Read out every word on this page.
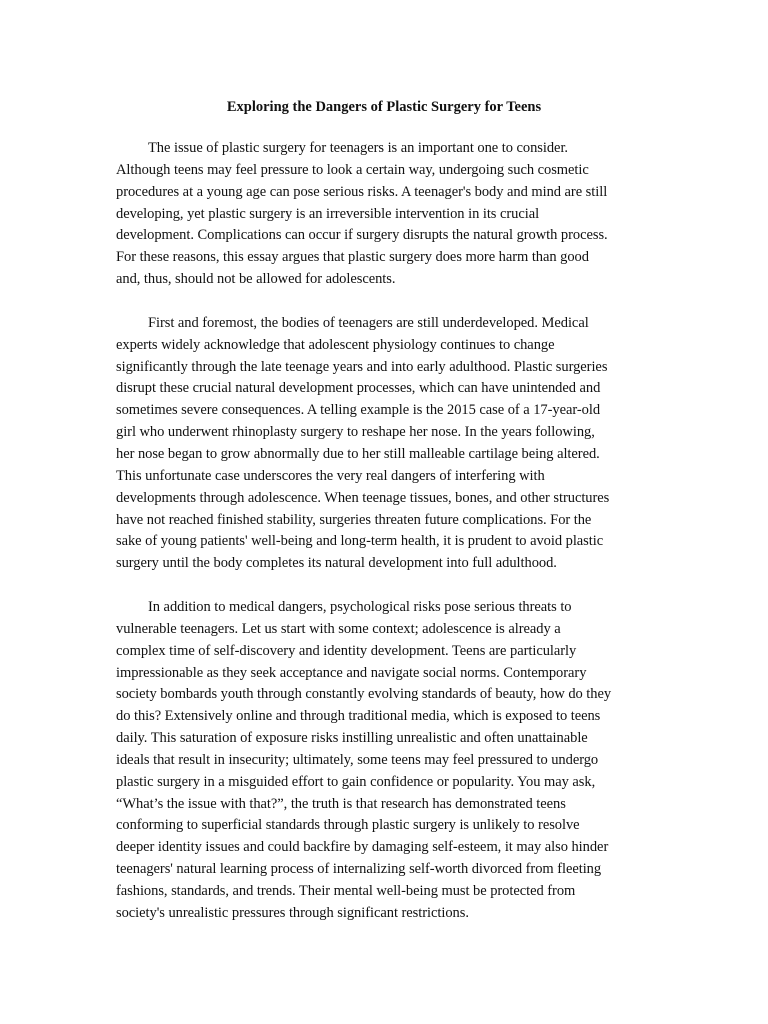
Exploring the Dangers of Plastic Surgery for Teens

The issue of plastic surgery for teenagers is an important one to consider.
Although teens may feel pressure to look a certain way, undergoing such cosmetic
procedures at a young age can pose serious risks. A teenager's body and mind are still
developing, yet plastic surgery is an irreversible intervention in its crucial
development. Complications can occur if surgery disrupts the natural growth process.
For these reasons, this essay argues that plastic surgery does more harm than good
and, thus, should not be allowed for adolescents.

First and foremost, the bodies of teenagers are still underdeveloped. Medical
experts widely acknowledge that adolescent physiology continues to change
significantly through the late teenage years and into early adulthood. Plastic surgeries
disrupt these crucial natural development processes, which can have unintended and
sometimes severe consequences. A telling example is the 2015 case of a 17-year-old
girl who underwent rhinoplasty surgery to reshape her nose. In the years following,
her nose began to grow abnormally due to her still malleable cartilage being altered.
This unfortunate case underscores the very real dangers of interfering with
developments through adolescence. When teenage tissues, bones, and other structures
have not reached finished stability, surgeries threaten future complications. For the
sake of young patients' well-being and long-term health, it is prudent to avoid plastic
surgery until the body completes its natural development into full adulthood.

In addition to medical dangers, psychological risks pose serious threats to
vulnerable teenagers. Let us start with some context; adolescence is already a
complex time of self-discovery and identity development. Teens are particularly
impressionable as they seek acceptance and navigate social norms. Contemporary
society bombards youth through constantly evolving standards of beauty, how do they
do this? Extensively online and through traditional media, which is exposed to teens
daily. This saturation of exposure risks instilling unrealistic and often unattainable
ideals that result in insecurity; ultimately, some teens may feel pressured to undergo
plastic surgery in a misguided effort to gain confidence or popularity. You may ask,
“What’s the issue with that?”, the truth is that research has demonstrated teens
conforming to superficial standards through plastic surgery is unlikely to resolve
deeper identity issues and could backfire by damaging self-esteem, it may also hinder
teenagers' natural learning process of internalizing self-worth divorced from fleeting
fashions, standards, and trends. Their mental well-being must be protected from
society's unrealistic pressures through significant restrictions.
